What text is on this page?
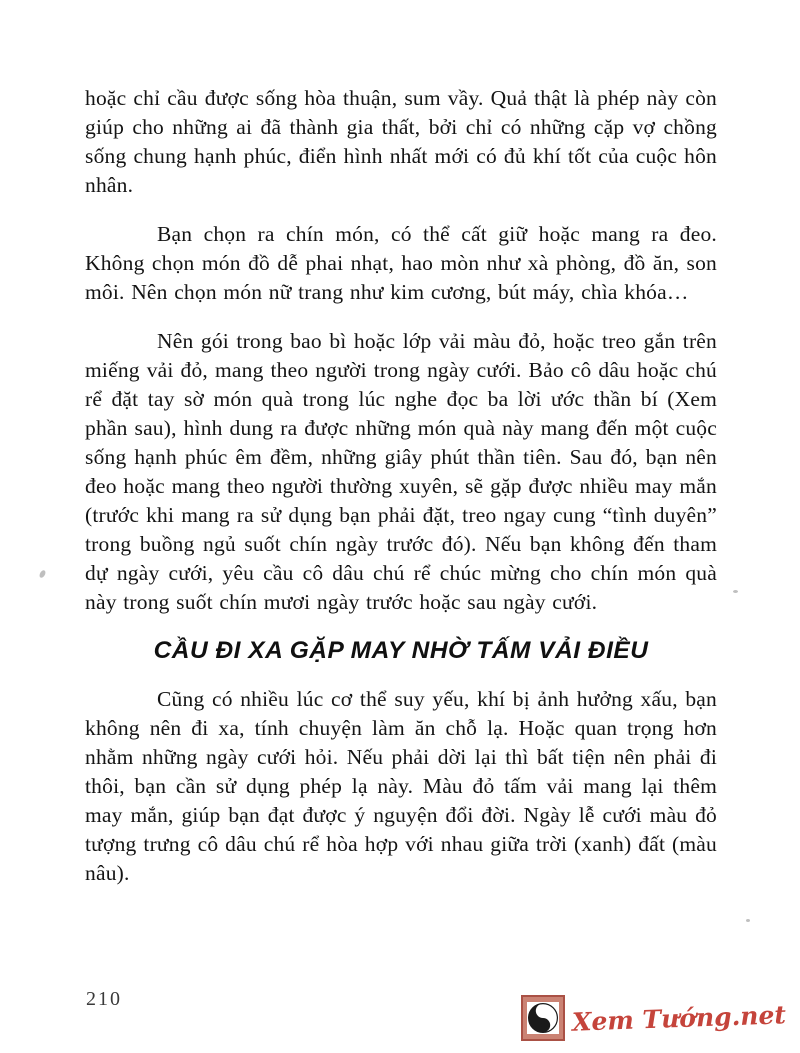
hoặc chỉ cầu được sống hòa thuận, sum vầy. Quả thật là phép này còn giúp cho những ai đã thành gia thất, bởi chỉ có những cặp vợ chồng sống chung hạnh phúc, điển hình nhất mới có đủ khí tốt của cuộc hôn nhân.

Bạn chọn ra chín món, có thể cất giữ hoặc mang ra đeo. Không chọn món đồ dễ phai nhạt, hao mòn như xà phòng, đồ ăn, son môi. Nên chọn món nữ trang như kim cương, bút máy, chìa khóa…

Nên gói trong bao bì hoặc lớp vải màu đỏ, hoặc treo gắn trên miếng vải đỏ, mang theo người trong ngày cưới. Bảo cô dâu hoặc chú rể đặt tay sờ món quà trong lúc nghe đọc ba lời ước thần bí (Xem phần sau), hình dung ra được những món quà này mang đến một cuộc sống hạnh phúc êm đềm, những giây phút thần tiên. Sau đó, bạn nên đeo hoặc mang theo người thường xuyên, sẽ gặp được nhiều may mắn (trước khi mang ra sử dụng bạn phải đặt, treo ngay cung “tình duyên” trong buồng ngủ suốt chín ngày trước đó). Nếu bạn không đến tham dự ngày cưới, yêu cầu cô dâu chú rể chúc mừng cho chín món quà này trong suốt chín mươi ngày trước hoặc sau ngày cưới.

CẦU ĐI XA GẶP MAY NHỜ TẤM VẢI ĐIỀU

Cũng có nhiều lúc cơ thể suy yếu, khí bị ảnh hưởng xấu, bạn không nên đi xa, tính chuyện làm ăn chỗ lạ. Hoặc quan trọng hơn nhằm những ngày cưới hỏi. Nếu phải dời lại thì bất tiện nên phải đi thôi, bạn cần sử dụng phép lạ này. Màu đỏ tấm vải mang lại thêm may mắn, giúp bạn đạt được ý nguyện đổi đời. Ngày lễ cưới màu đỏ tượng trưng cô dâu chú rể hòa hợp với nhau giữa trời (xanh) đất (màu nâu).

210
Xem Tướng.net
